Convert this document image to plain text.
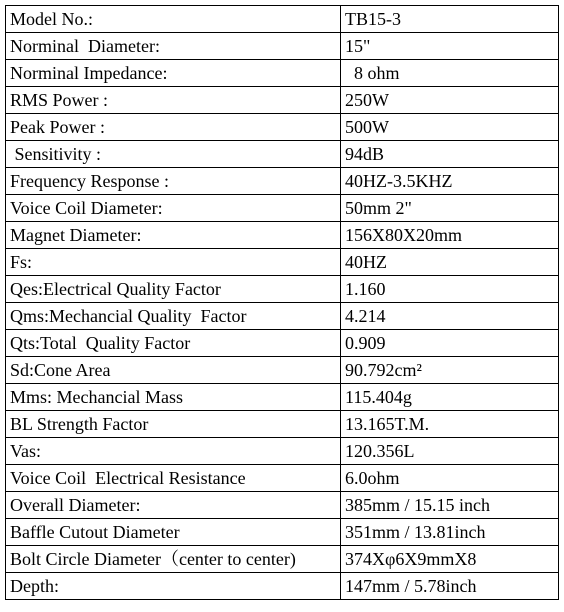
Model No.:	TB15-3
Norminal  Diameter:	15"
Norminal Impedance:	8 ohm
RMS Power :	250W
Peak Power :	500W
Sensitivity :	94dB
Frequency Response :	40HZ-3.5KHZ
Voice Coil Diameter:	50mm 2"
Magnet Diameter:	156X80X20mm
Fs:	40HZ
Qes:Electrical Quality Factor	1.160
Qms:Mechancial Quality  Factor	4.214
Qts:Total  Quality Factor	0.909
Sd:Cone Area	90.792cm²
Mms: Mechancial Mass	115.404g
BL Strength Factor	13.165T.M.
Vas:	120.356L
Voice Coil  Electrical Resistance	6.0ohm
Overall Diameter:	385mm / 15.15 inch
Baffle Cutout Diameter	351mm / 13.81inch
Bolt Circle Diameter（center to center)	374Xφ6X9mmX8
Depth:	147mm / 5.78inch
